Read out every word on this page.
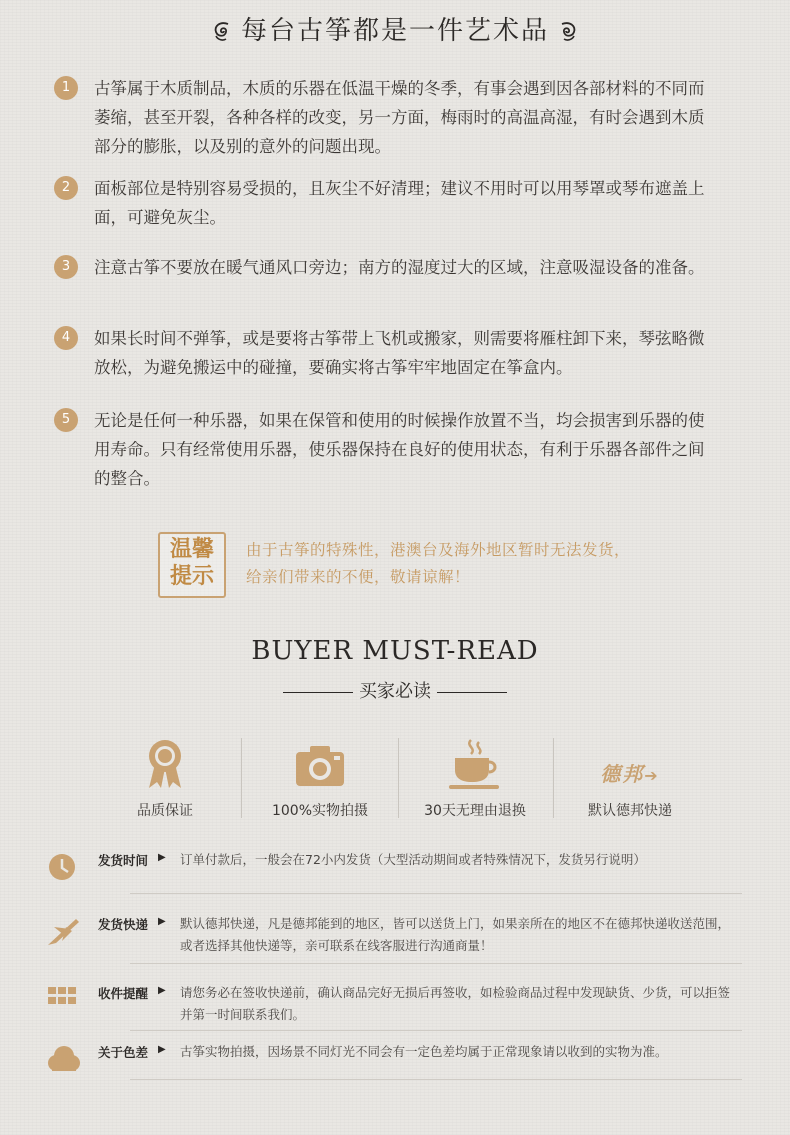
每台古筝都是一件艺术品
1	古筝属于木质制品，木质的乐器在低温干燥的冬季，有事会遇到因各部材料的不同而萎缩，甚至开裂，各种各样的改变，另一方面，梅雨时的高温高湿，有时会遇到木质部分的膨胀，以及别的意外的问题出现。
2	面板部位是特别容易受损的，且灰尘不好清理；建议不用时可以用琴罩或琴布遮盖上面，可避免灰尘。
3	注意古筝不要放在暖气通风口旁边；南方的湿度过大的区域，注意吸湿设备的准备。
4	如果长时间不弹筝，或是要将古筝带上飞机或搬家，则需要将雁柱卸下来，琴弦略微放松，为避免搬运中的碰撞，要确实将古筝牢牢地固定在筝盒内。
5	无论是任何一种乐器，如果在保管和使用的时候操作放置不当，均会损害到乐器的使用寿命。只有经常使用乐器，使乐器保持在良好的使用状态，有利于乐器各部件之间的整合。
温馨
提示
由于古筝的特殊性，港澳台及海外地区暂时无法发货，
给亲们带来的不便，敬请谅解！
BUYER MUST-READ
买家必读
品质保证	100%实物拍摄	30天无理由退换
德邦➔
默认德邦快递
发货时间 ▶ 订单付款后，一般会在72小内发货（大型活动期间或者特殊情况下，发货另行说明）
发货快递 ▶ 默认德邦快递，凡是德邦能到的地区，皆可以送货上门，如果亲所在的地区不在德邦快递收送范围，或者选择其他快递等，亲可联系在线客服进行沟通商量！
收件提醒 ▶ 请您务必在签收快递前，确认商品完好无损后再签收，如检验商品过程中发现缺货、少货，可以拒签并第一时间联系我们。
关于色差 ▶ 古筝实物拍摄，因场景不同灯光不同会有一定色差均属于正常现象请以收到的实物为准。
